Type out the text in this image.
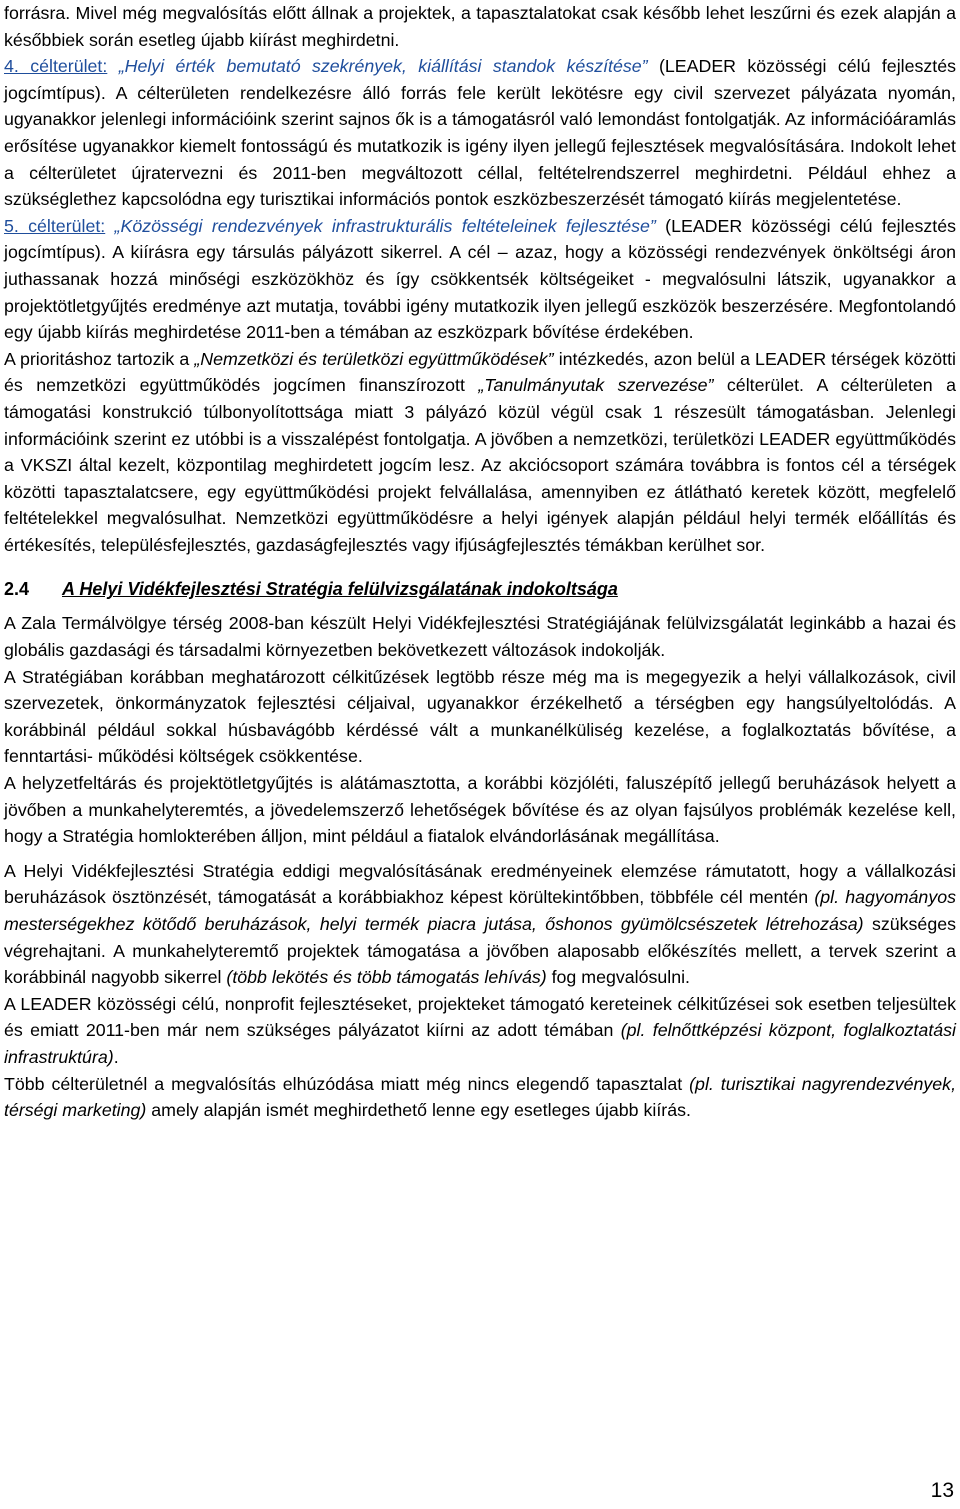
forrásra. Mivel még megvalósítás előtt állnak a projektek, a tapasztalatokat csak később lehet leszűrni és ezek alapján a későbbiek során esetleg újabb kiírást meghirdetni.

4. célterület: „Helyi érték bemutató szekrények, kiállítási standok készítése” (LEADER közösségi célú fejlesztés jogcímtípus). A célterületen rendelkezésre álló forrás fele került lekötésre egy civil szervezet pályázata nyomán, ugyanakkor jelenlegi információink szerint sajnos ők is a támogatásról való lemondást fontolgatják. Az információáramlás erősítése ugyanakkor kiemelt fontosságú és mutatkozik is igény ilyen jellegű fejlesztések megvalósítására. Indokolt lehet a célterületet újratervezni és 2011-ben megváltozott céllal, feltételrendszerrel meghirdetni. Például ehhez a szükséglethez kapcsolódna egy turisztikai információs pontok eszközbeszerzését támogató kiírás megjelentetése.

5. célterület: „Közösségi rendezvények infrastrukturális feltételeinek fejlesztése” (LEADER közösségi célú fejlesztés jogcímtípus). A kiírásra egy társulás pályázott sikerrel. A cél – azaz, hogy a közösségi rendezvények önköltségi áron juthassanak hozzá minőségi eszközökhöz és így csökkentsék költségeiket - megvalósulni látszik, ugyanakkor a projektötletgyűjtés eredménye azt mutatja, további igény mutatkozik ilyen jellegű eszközök beszerzésére. Megfontolandó egy újabb kiírás meghirdetése 2011-ben a témában az eszközpark bővítése érdekében.

A prioritáshoz tartozik a „Nemzetközi és területközi együttműködések” intézkedés, azon belül a LEADER térségek közötti és nemzetközi együttműködés jogcímen finanszírozott „Tanulmányutak szervezése” célterület. A célterületen a támogatási konstrukció túlbonyolítottsága miatt 3 pályázó közül végül csak 1 részesült támogatásban. Jelenlegi információink szerint ez utóbbi is a visszalépést fontolgatja. A jövőben a nemzetközi, területközi LEADER együttműködés a VKSZI által kezelt, központilag meghirdetett jogcím lesz. Az akciócsoport számára továbbra is fontos cél a térségek közötti tapasztalatcsere, egy együttműködési projekt felvállalása, amennyiben ez átlátható keretek között, megfelelő feltételekkel megvalósulhat. Nemzetközi együttműködésre a helyi igények alapján például helyi termék előállítás és értékesítés, településfejlesztés, gazdaságfejlesztés vagy ifjúságfejlesztés témákban kerülhet sor.

2.4 A Helyi Vidékfejlesztési Stratégia felülvizsgálatának indokoltsága

A Zala Termálvölgye térség 2008-ban készült Helyi Vidékfejlesztési Stratégiájának felülvizsgálatát leginkább a hazai és globális gazdasági és társadalmi környezetben bekövetkezett változások indokolják.

A Stratégiában korábban meghatározott célkitűzések legtöbb része még ma is megegyezik a helyi vállalkozások, civil szervezetek, önkormányzatok fejlesztési céljaival, ugyanakkor érzékelhető a térségben egy hangsúlyeltolódás. A korábbinál például sokkal húsbavágóbb kérdéssé vált a munkanélküliség kezelése, a foglalkoztatás bővítése, a fenntartási- működési költségek csökkentése.

A helyzetfeltárás és projektötletgyűjtés is alátámasztotta, a korábbi közjóléti, faluszépítő jellegű beruházások helyett a jövőben a munkahelyteremtés, a jövedelemszerző lehetőségek bővítése és az olyan fajsúlyos problémák kezelése kell, hogy a Stratégia homlokterében álljon, mint például a fiatalok elvándorlásának megállítása.

A Helyi Vidékfejlesztési Stratégia eddigi megvalósításának eredményeinek elemzése rámutatott, hogy a vállalkozási beruházások ösztönzését, támogatását a korábbiakhoz képest körültekintőbben, többféle cél mentén (pl. hagyományos mesterségekhez kötődő beruházások, helyi termék piacra jutása, őshonos gyümölcsészetek létrehozása) szükséges végrehajtani. A munkahelyteremtő projektek támogatása a jövőben alaposabb előkészítés mellett, a tervek szerint a korábbinál nagyobb sikerrel (több lekötés és több támogatás lehívás) fog megvalósulni.

A LEADER közösségi célú, nonprofit fejlesztéseket, projekteket támogató kereteinek célkitűzései sok esetben teljesültek és emiatt 2011-ben már nem szükséges pályázatot kiírni az adott témában (pl. felnőttképzési központ, foglalkoztatási infrastruktúra).

Több célterületnél a megvalósítás elhúzódása miatt még nincs elegendő tapasztalat (pl. turisztikai nagyrendezvények, térségi marketing) amely alapján ismét meghirdethető lenne egy esetleges újabb kiírás.

13
